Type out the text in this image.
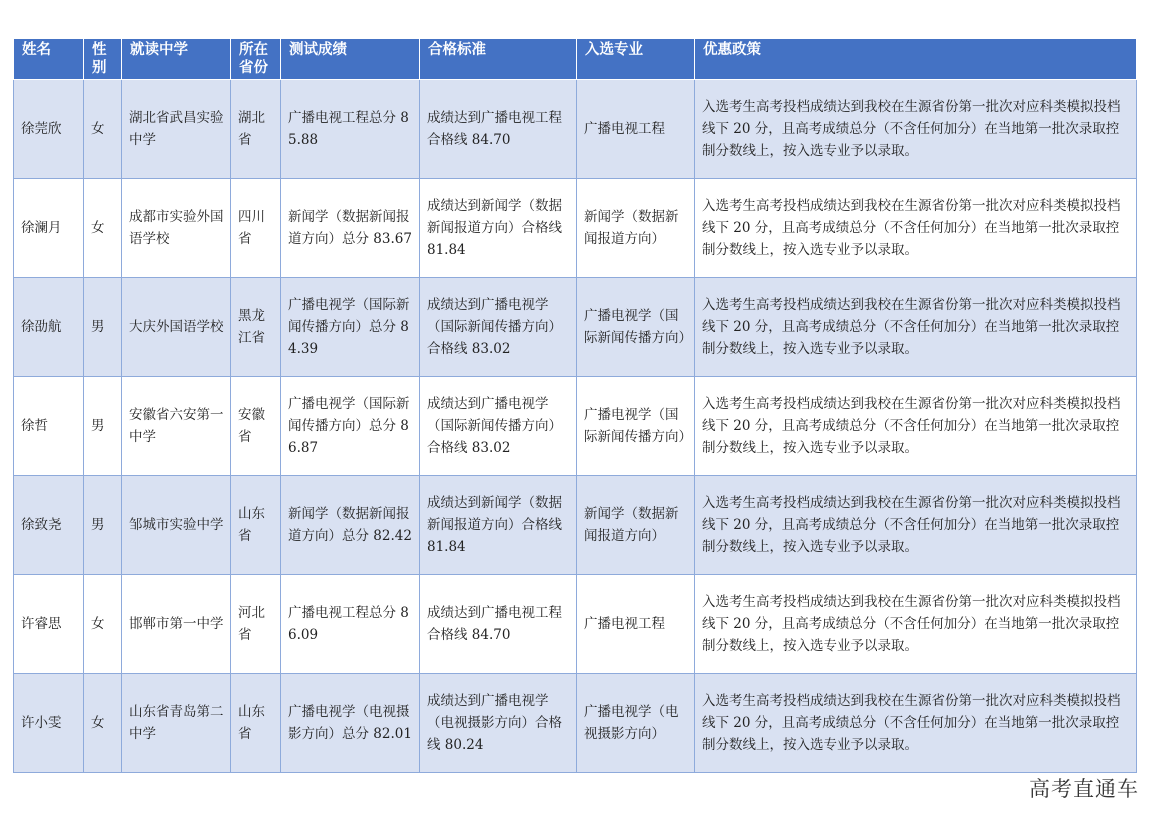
姓名	性别	就读中学	所在省份	测试成绩	合格标准	入选专业	优惠政策
徐莞欣	女	湖北省武昌实验中学	湖北省	广播电视工程总分 85.88	成绩达到广播电视工程合格线 84.70	广播电视工程	入选考生高考投档成绩达到我校在生源省份第一批次对应科类模拟投档线下 20 分，且高考成绩总分（不含任何加分）在当地第一批次录取控制分数线上，按入选专业予以录取。
徐澜月	女	成都市实验外国语学校	四川省	新闻学（数据新闻报道方向）总分 83.67	成绩达到新闻学（数据新闻报道方向）合格线 81.84	新闻学（数据新闻报道方向）	入选考生高考投档成绩达到我校在生源省份第一批次对应科类模拟投档线下 20 分，且高考成绩总分（不含任何加分）在当地第一批次录取控制分数线上，按入选专业予以录取。
徐劭航	男	大庆外国语学校	黑龙江省	广播电视学（国际新闻传播方向）总分 84.39	成绩达到广播电视学（国际新闻传播方向）合格线 83.02	广播电视学（国际新闻传播方向）	入选考生高考投档成绩达到我校在生源省份第一批次对应科类模拟投档线下 20 分，且高考成绩总分（不含任何加分）在当地第一批次录取控制分数线上，按入选专业予以录取。
徐哲	男	安徽省六安第一中学	安徽省	广播电视学（国际新闻传播方向）总分 86.87	成绩达到广播电视学（国际新闻传播方向）合格线 83.02	广播电视学（国际新闻传播方向）	入选考生高考投档成绩达到我校在生源省份第一批次对应科类模拟投档线下 20 分，且高考成绩总分（不含任何加分）在当地第一批次录取控制分数线上，按入选专业予以录取。
徐致尧	男	邹城市实验中学	山东省	新闻学（数据新闻报道方向）总分 82.42	成绩达到新闻学（数据新闻报道方向）合格线 81.84	新闻学（数据新闻报道方向）	入选考生高考投档成绩达到我校在生源省份第一批次对应科类模拟投档线下 20 分，且高考成绩总分（不含任何加分）在当地第一批次录取控制分数线上，按入选专业予以录取。
许睿思	女	邯郸市第一中学	河北省	广播电视工程总分 86.09	成绩达到广播电视工程合格线 84.70	广播电视工程	入选考生高考投档成绩达到我校在生源省份第一批次对应科类模拟投档线下 20 分，且高考成绩总分（不含任何加分）在当地第一批次录取控制分数线上，按入选专业予以录取。
许小雯	女	山东省青岛第二中学	山东省	广播电视学（电视摄影方向）总分 82.01	成绩达到广播电视学（电视摄影方向）合格线 80.24	广播电视学（电视摄影方向）	入选考生高考投档成绩达到我校在生源省份第一批次对应科类模拟投档线下 20 分，且高考成绩总分（不含任何加分）在当地第一批次录取控制分数线上，按入选专业予以录取。
高考直通车
